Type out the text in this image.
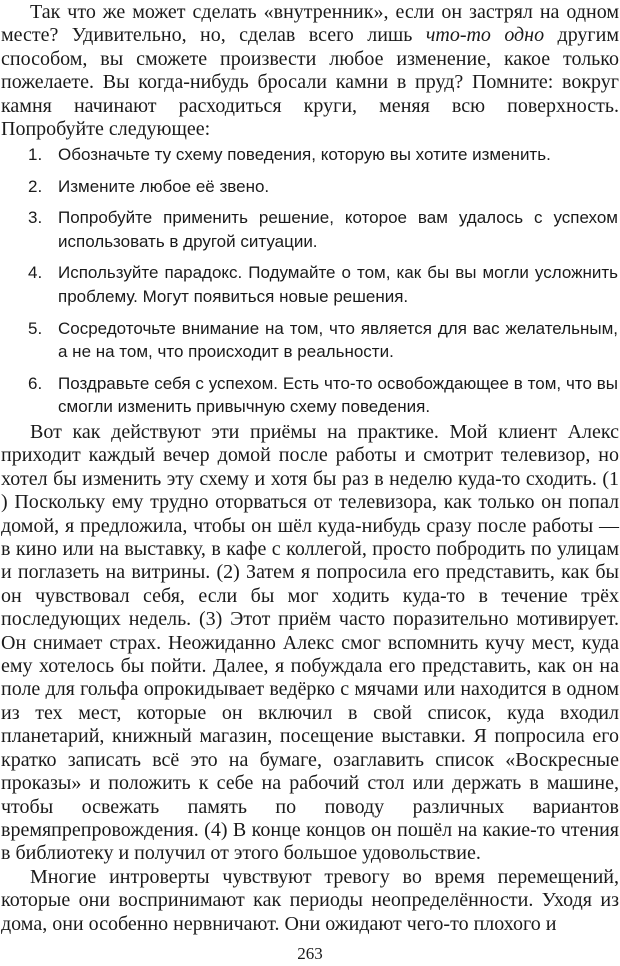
Так что же может сделать «внутренник», если он застрял на одном месте? Удивительно, но, сделав всего лишь что-то одно другим способом, вы сможете произвести любое изменение, какое только пожелаете. Вы когда-нибудь бросали камни в пруд? Помните: вокруг камня начинают расходиться круги, меняя всю поверхность. Попробуйте следующее:

1. Обозначьте ту схему поведения, которую вы хотите изменить.
2. Измените любое её звено.
3. Попробуйте применить решение, которое вам удалось с успехом использовать в другой ситуации.
4. Используйте парадокс. Подумайте о том, как бы вы могли усложнить проблему. Могут появиться новые решения.
5. Сосредоточьте внимание на том, что является для вас желательным, а не на том, что происходит в реальности.
6. Поздравьте себя с успехом. Есть что-то освобождающее в том, что вы смогли изменить привычную схему поведения.

Вот как действуют эти приёмы на практике. Мой клиент Алекс приходит каждый вечер домой после работы и смотрит телевизор, но хотел бы изменить эту схему и хотя бы раз в неделю куда-то сходить. (1 ) Поскольку ему трудно оторваться от телевизора, как только он попал домой, я предложила, чтобы он шёл куда-нибудь сразу после работы — в кино или на выставку, в кафе с коллегой, просто побродить по улицам и поглазеть на витрины. (2) Затем я попросила его представить, как бы он чувствовал себя, если бы мог ходить куда-то в течение трёх последующих недель. (3) Этот приём часто поразительно мотивирует. Он снимает страх. Неожиданно Алекс смог вспомнить кучу мест, куда ему хотелось бы пойти. Далее, я побуждала его представить, как он на поле для гольфа опрокидывает ведёрко с мячами или находится в одном из тех мест, которые он включил в свой список, куда входил планетарий, книжный магазин, посещение выставки. Я попросила его кратко записать всё это на бумаге, озаглавить список «Воскресные проказы» и положить к себе на рабочий стол или держать в машине, чтобы освежать память по поводу различных вариантов времяпрепровождения. (4) В конце концов он пошёл на какие-то чтения в библиотеку и получил от этого большое удовольствие.

Многие интроверты чувствуют тревогу во время перемещений, которые они воспринимают как периоды неопределённости. Уходя из дома, они особенно нервничают. Они ожидают чего-то плохого и

263
